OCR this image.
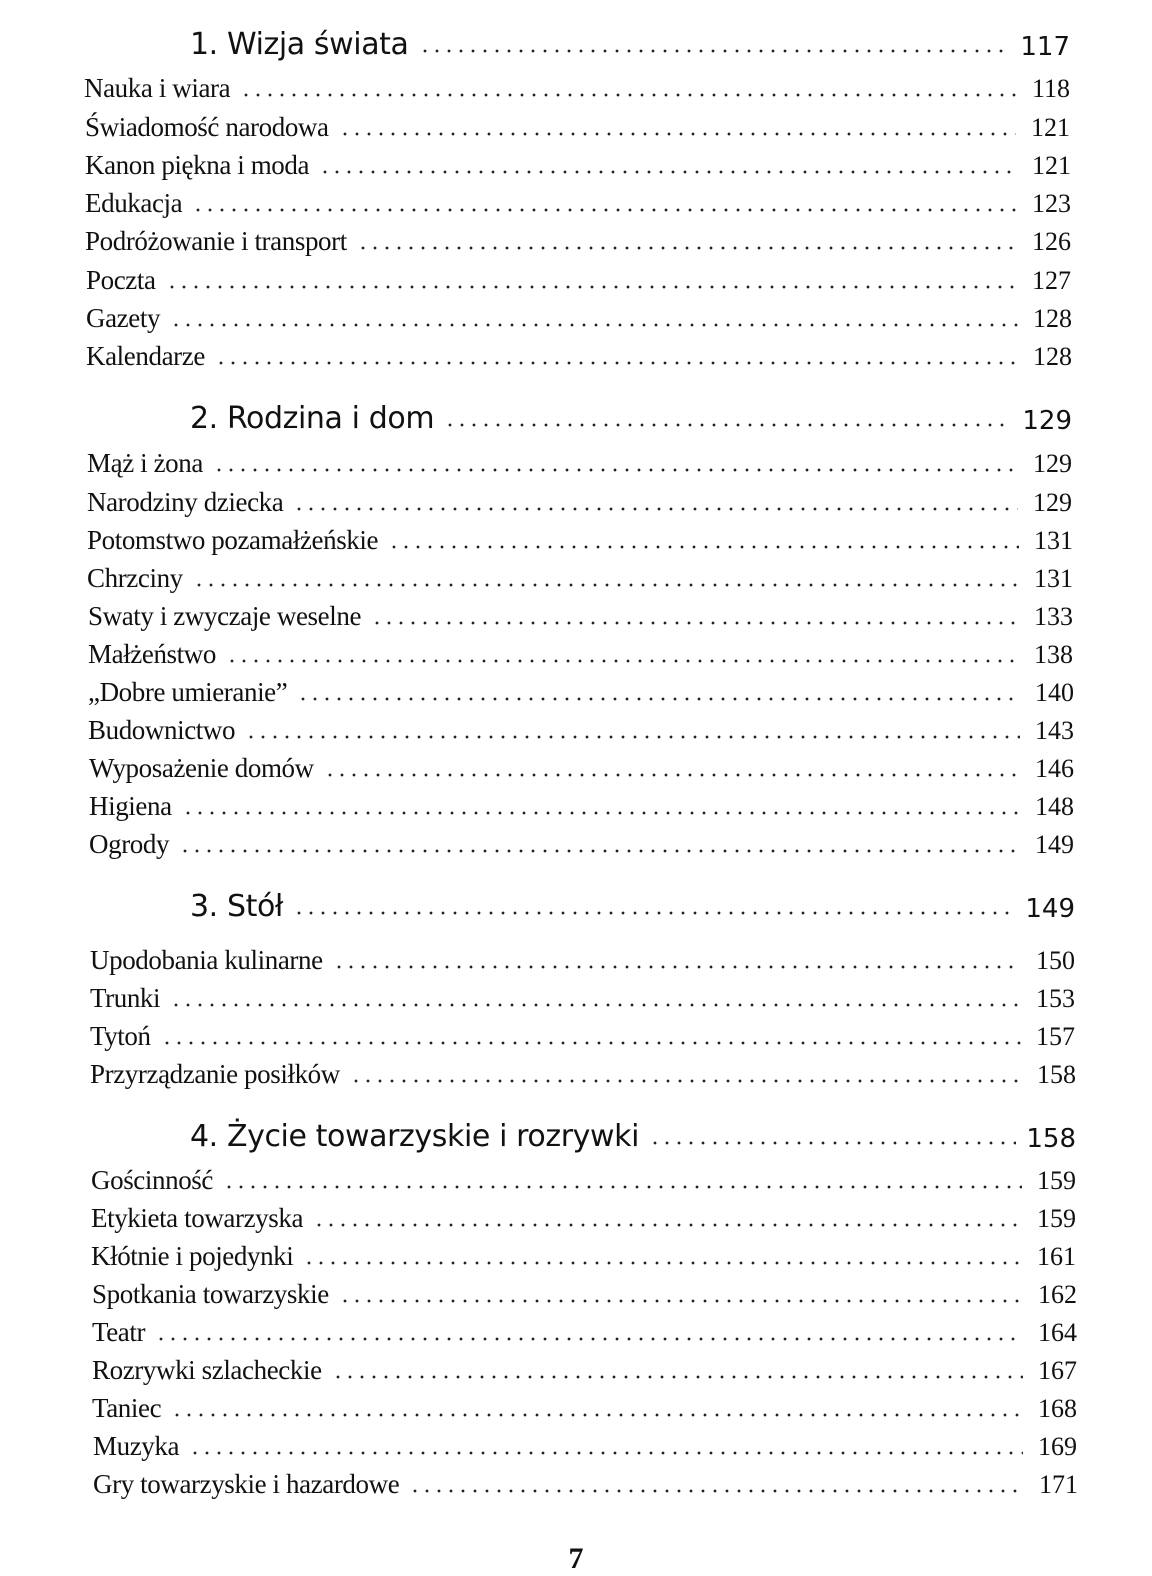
1. Wizja świata	117
Nauka i wiara	118
Świadomość narodowa	121
Kanon piękna i moda	121
Edukacja	123
Podróżowanie i transport	126
Poczta	127
Gazety	128
Kalendarze	128
2. Rodzina i dom	129
Mąż i żona	129
Narodziny dziecka	129
Potomstwo pozamałżeńskie	131
Chrzciny	131
Swaty i zwyczaje weselne	133
Małżeństwo	138
„Dobre umieranie”	140
Budownictwo	143
Wyposażenie domów	146
Higiena	148
Ogrody	149
3. Stół	149
Upodobania kulinarne	150
Trunki	153
Tytoń	157
Przyrządzanie posiłków	158
4. Życie towarzyskie i rozrywki	158
Gościnność	159
Etykieta towarzyska	159
Kłótnie i pojedynki	161
Spotkania towarzyskie	162
Teatr	164
Rozrywki szlacheckie	167
Taniec	168
Muzyka	169
Gry towarzyskie i hazardowe	171
7
